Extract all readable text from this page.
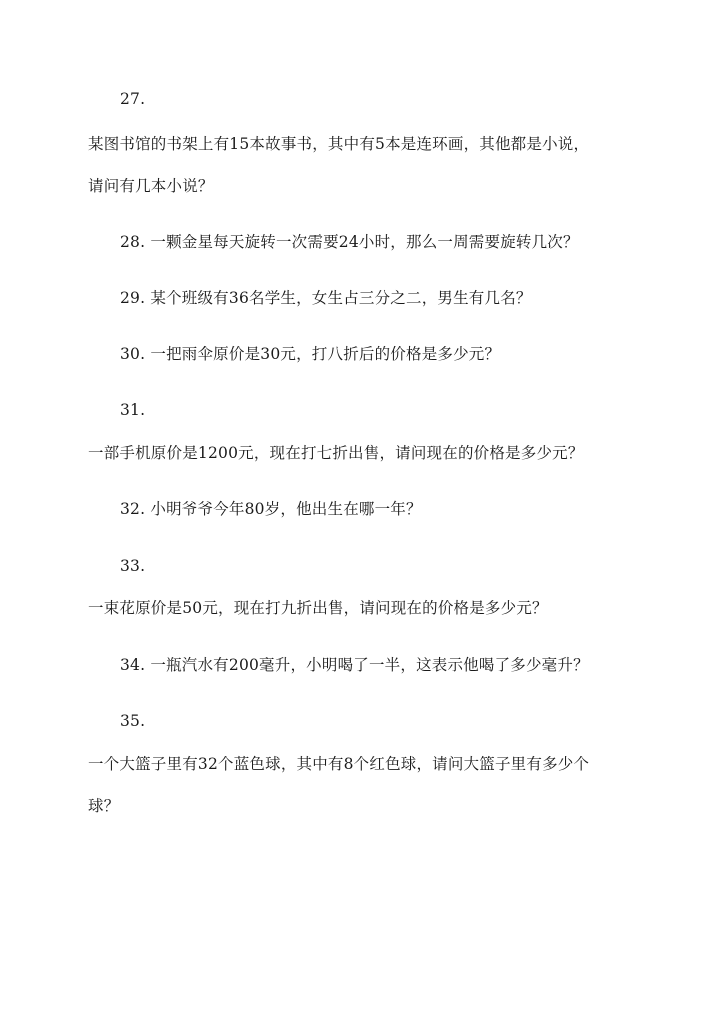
27.
某图书馆的书架上有15本故事书，其中有5本是连环画，其他都是小说，
请问有几本小说？
28. 一颗金星每天旋转一次需要24小时，那么一周需要旋转几次？
29. 某个班级有36名学生，女生占三分之二，男生有几名？
30. 一把雨伞原价是30元，打八折后的价格是多少元？
31.
一部手机原价是1200元，现在打七折出售，请问现在的价格是多少元？
32. 小明爷爷今年80岁，他出生在哪一年？
33.
一束花原价是50元，现在打九折出售，请问现在的价格是多少元？
34. 一瓶汽水有200毫升，小明喝了一半，这表示他喝了多少毫升？
35.
一个大篮子里有32个蓝色球，其中有8个红色球，请问大篮子里有多少个
球？
